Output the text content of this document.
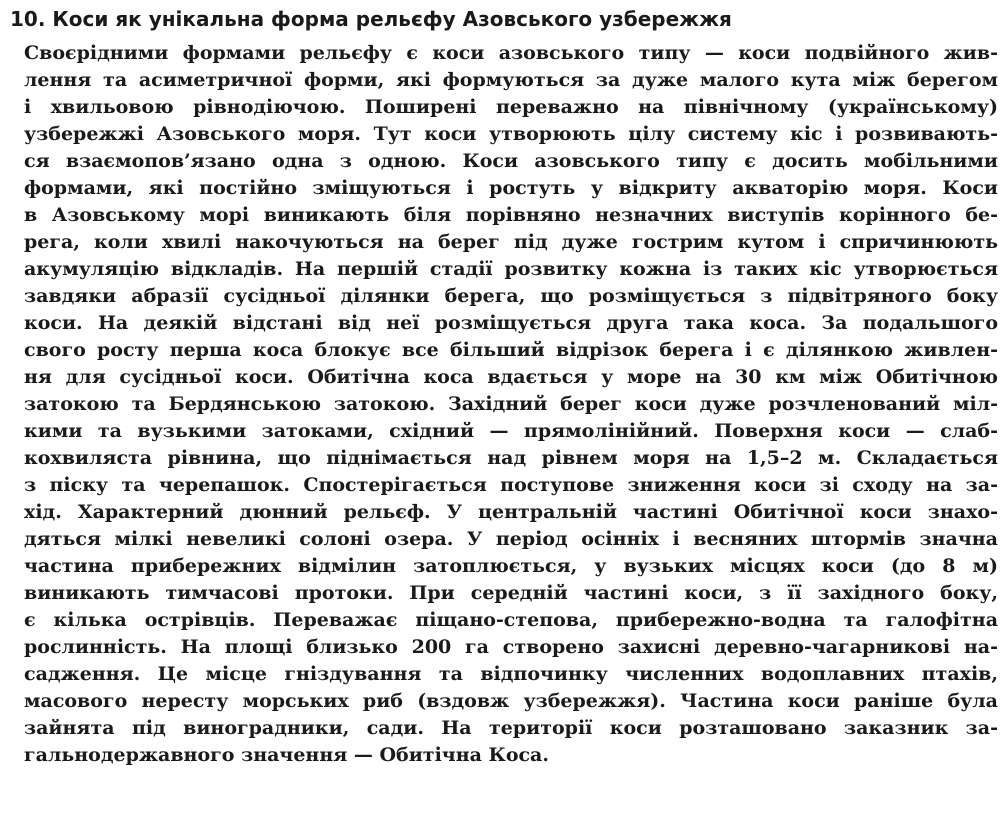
10. Коси як унікальна форма рельєфу Азовського узбережжя
Своєрідними формами рельєфу є коси азовського типу — коси подвійного жив-
лення та асиметричної форми, які формуються за дуже малого кута між берегом
і хвильовою рівнодіючою. Поширені переважно на північному (українському)
узбережжі Азовського моря. Тут коси утворюють цілу систему кіс і розвивають-
ся взаємопов’язано одна з одною. Коси азовського типу є досить мобільними
формами, які постійно зміщуються і ростуть у відкриту акваторію моря. Коси
в Азовському морі виникають біля порівняно незначних виступів корінного бе-
рега, коли хвилі накочуються на берег під дуже гострим кутом і спричинюють
акумуляцію відкладів. На першій стадії розвитку кожна із таких кіс утворюється
завдяки абразії сусідньої ділянки берега, що розміщується з підвітряного боку
коси. На деякій відстані від неї розміщується друга така коса. За подальшого
свого росту перша коса блокує все більший відрізок берега і є ділянкою живлен-
ня для сусідньої коси. Обитічна коса вдається у море на 30 км між Обитічною
затокою та Бердянською затокою. Західний берег коси дуже розчленований міл-
кими та вузькими затоками, східний — прямолінійний. Поверхня коси — слаб-
кохвиляста рівнина, що піднімається над рівнем моря на 1,5–2 м. Складається
з піску та черепашок. Спостерігається поступове зниження коси зі сходу на за-
хід. Характерний дюнний рельєф. У центральній частині Обитічної коси знахо-
дяться мілкі невеликі солоні озера. У період осінніх і весняних штормів значна
частина прибережних відмілин затоплюється, у вузьких місцях коси (до 8 м)
виникають тимчасові протоки. При середній частині коси, з її західного боку,
є кілька острівців. Переважає піщано-степова, прибережно-водна та галофітна
рослинність. На площі близько 200 га створено захисні деревно-чагарникові на-
садження. Це місце гніздування та відпочинку численних водоплавних птахів,
масового нересту морських риб (вздовж узбережжя). Частина коси раніше була
зайнята під виноградники, сади. На території коси розташовано заказник за-
гальнодержавного значення — Обитічна Коса.
